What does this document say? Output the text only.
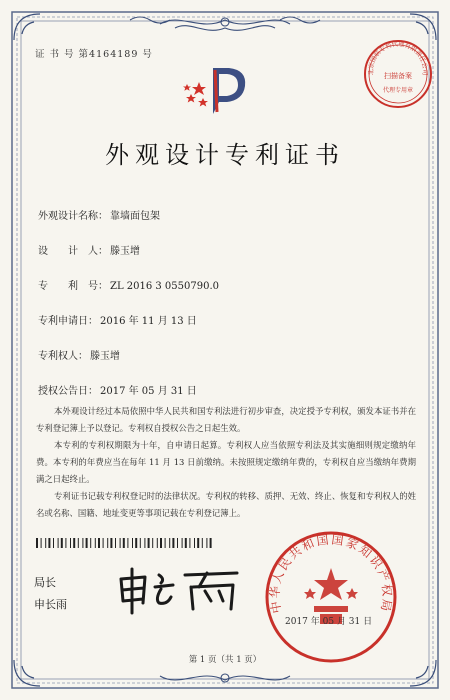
证 书 号 第4164189 号
外观设计专利证书
外观设计名称： 靠墙面包架
设　　计　人： 滕玉增
专　　利　号： ZL 2016 3 0550790.0
专利申请日： 2016 年 11 月 13 日
专利权人： 滕玉增
授权公告日： 2017 年 05 月 31 日

本外观设计经过本局依照中华人民共和国专利法进行初步审查，决定授予专利权，颁发本证书并在专利登记簿上予以登记。专利权自授权公告之日起生效。

本专利的专利权期限为十年，自申请日起算。专利权人应当依照专利法及其实施细则规定缴纳年费。本专利的年费应当在每年 11 月 13 日前缴纳。未按照规定缴纳年费的，专利权自应当缴纳年费期满之日起终止。

专利证书记载专利权登记时的法律状况。专利权的转移、质押、无效、终止、恢复和专利权人的姓名或名称、国籍、地址变更等事项记载在专利登记簿上。

局长
申长雨	中华人民共和国国家知识产权局
2017 年 05 月 31 日
北京国联专利代理有限责任公司
扫描备案
代理专用章
第 1 页（共 1 页）
